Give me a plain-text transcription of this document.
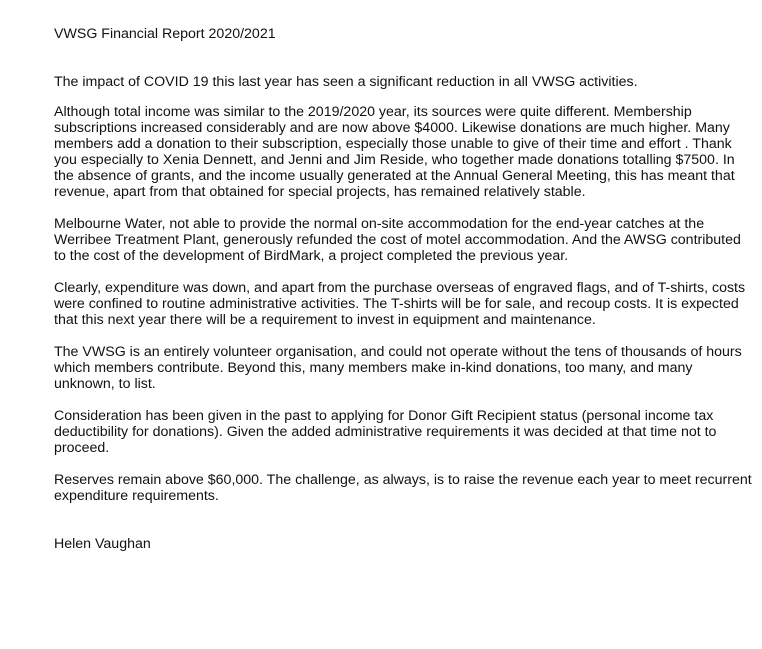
VWSG Financial Report 2020/2021

The impact of COVID 19 this last year has seen a significant reduction in all VWSG activities.

Although total income was similar to the 2019/2020 year, its sources were quite different. Membership subscriptions increased considerably and are now above $4000. Likewise donations are much higher. Many members add a donation to their subscription, especially those unable to give of their time and effort . Thank you especially to Xenia Dennett, and Jenni and Jim Reside, who together made donations totalling $7500. In the absence of grants, and the income usually generated at the Annual General Meeting, this has meant that revenue, apart from that obtained for special projects, has remained relatively stable.

Melbourne Water, not able to provide the normal on-site accommodation for the end-year catches at the Werribee Treatment Plant, generously refunded the cost of motel accommodation. And the AWSG contributed to the cost of the development of BirdMark, a project completed the previous year.

Clearly, expenditure was down, and apart from the purchase overseas of engraved flags, and of T-shirts, costs were confined to routine administrative activities. The T-shirts will be for sale, and recoup costs. It is expected that this next year there will be a requirement to invest in equipment and maintenance.

The VWSG is an entirely volunteer organisation, and could not operate without the tens of thousands of hours which members contribute. Beyond this, many members make in-kind donations, too many, and many unknown, to list.

Consideration has been given in the past to applying for Donor Gift Recipient status (personal income tax deductibility for donations). Given the added administrative requirements it was decided at that time not to proceed.

Reserves remain above $60,000. The challenge, as always, is to raise the revenue each year to meet recurrent expenditure requirements.

Helen Vaughan
